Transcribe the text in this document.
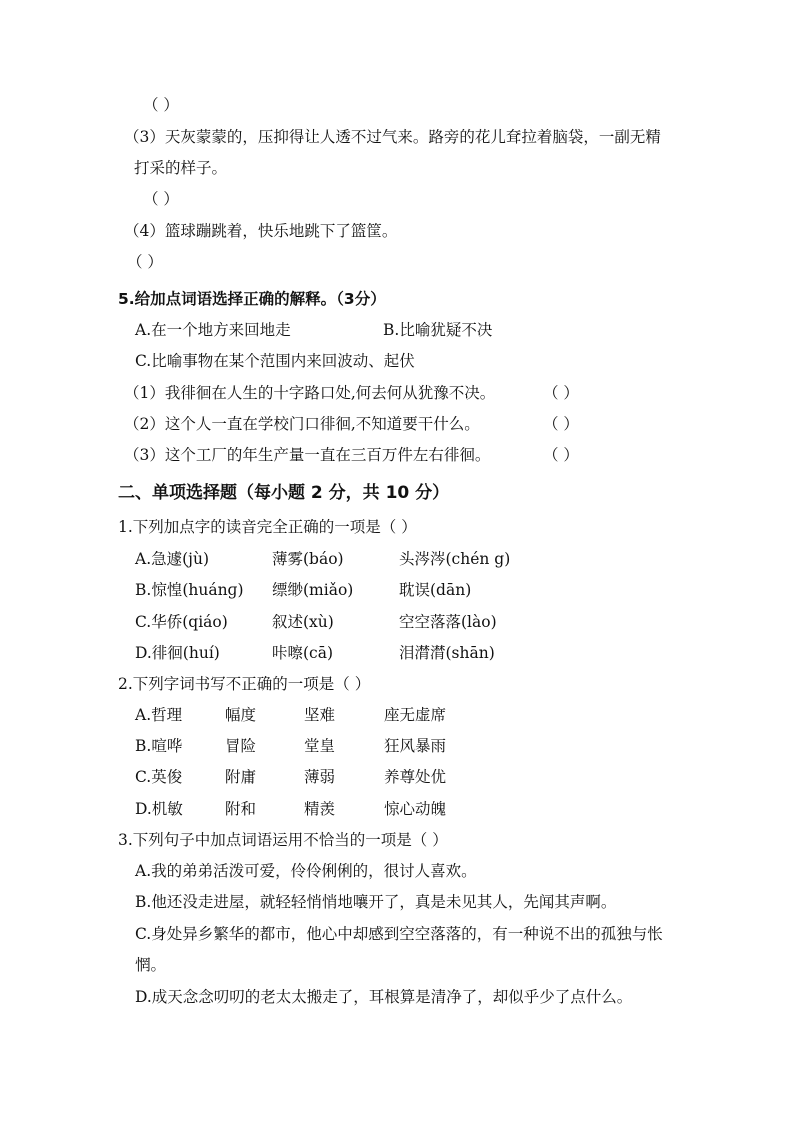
（ ）
（3）天灰蒙蒙的，压抑得让人透不过气来。路旁的花儿耷拉着脑袋，一副无精
打采的样子。
（ ）
（4）篮球蹦跳着，快乐地跳下了篮筐。
（ ）
5.给加点词语选择正确的解释。（3分）
A.在一个地方来回地走	B.比喻犹疑不决
C.比喻事物在某个范围内来回波动、起伏
（1）我徘徊在人生的十字路口处,何去何从犹豫不决。	（ ）
（2）这个人一直在学校门口徘徊,不知道要干什么。	（ ）
（3）这个工厂的年生产量一直在三百万件左右徘徊。	（ ）
二、单项选择题（每小题 2 分，共 10 分）
1.下列加点字的读音完全正确的一项是（ ）
A.急遽(jù)	薄雾(báo)	头涔涔(chén g)
B.惊惶(huánɡ) 缥缈(miǎo)	耽误(dān)
C.华侨(qiáo)	叙述(xù)	空空落落(lào)
D.徘徊(huí)	咔嚓(cā)	泪潸潸(shān)
2.下列字词书写不正确的一项是（ ）
A.哲理	幅度	坚难	座无虚席
B.喧哗	冒险	堂皇	狂风暴雨
C.英俊	附庸	薄弱	养尊处优
D.机敏	附和	精羡	惊心动魄
3.下列句子中加点词语运用不恰当的一项是（ ）
A.我的弟弟活泼可爱，伶伶俐俐的，很讨人喜欢。
B.他还没走进屋，就轻轻悄悄地嚷开了，真是未见其人，先闻其声啊。
C.身处异乡繁华的都市，他心中却感到空空落落的，有一种说不出的孤独与怅
惘。
D.成天念念叨叨的老太太搬走了，耳根算是清净了，却似乎少了点什么。
